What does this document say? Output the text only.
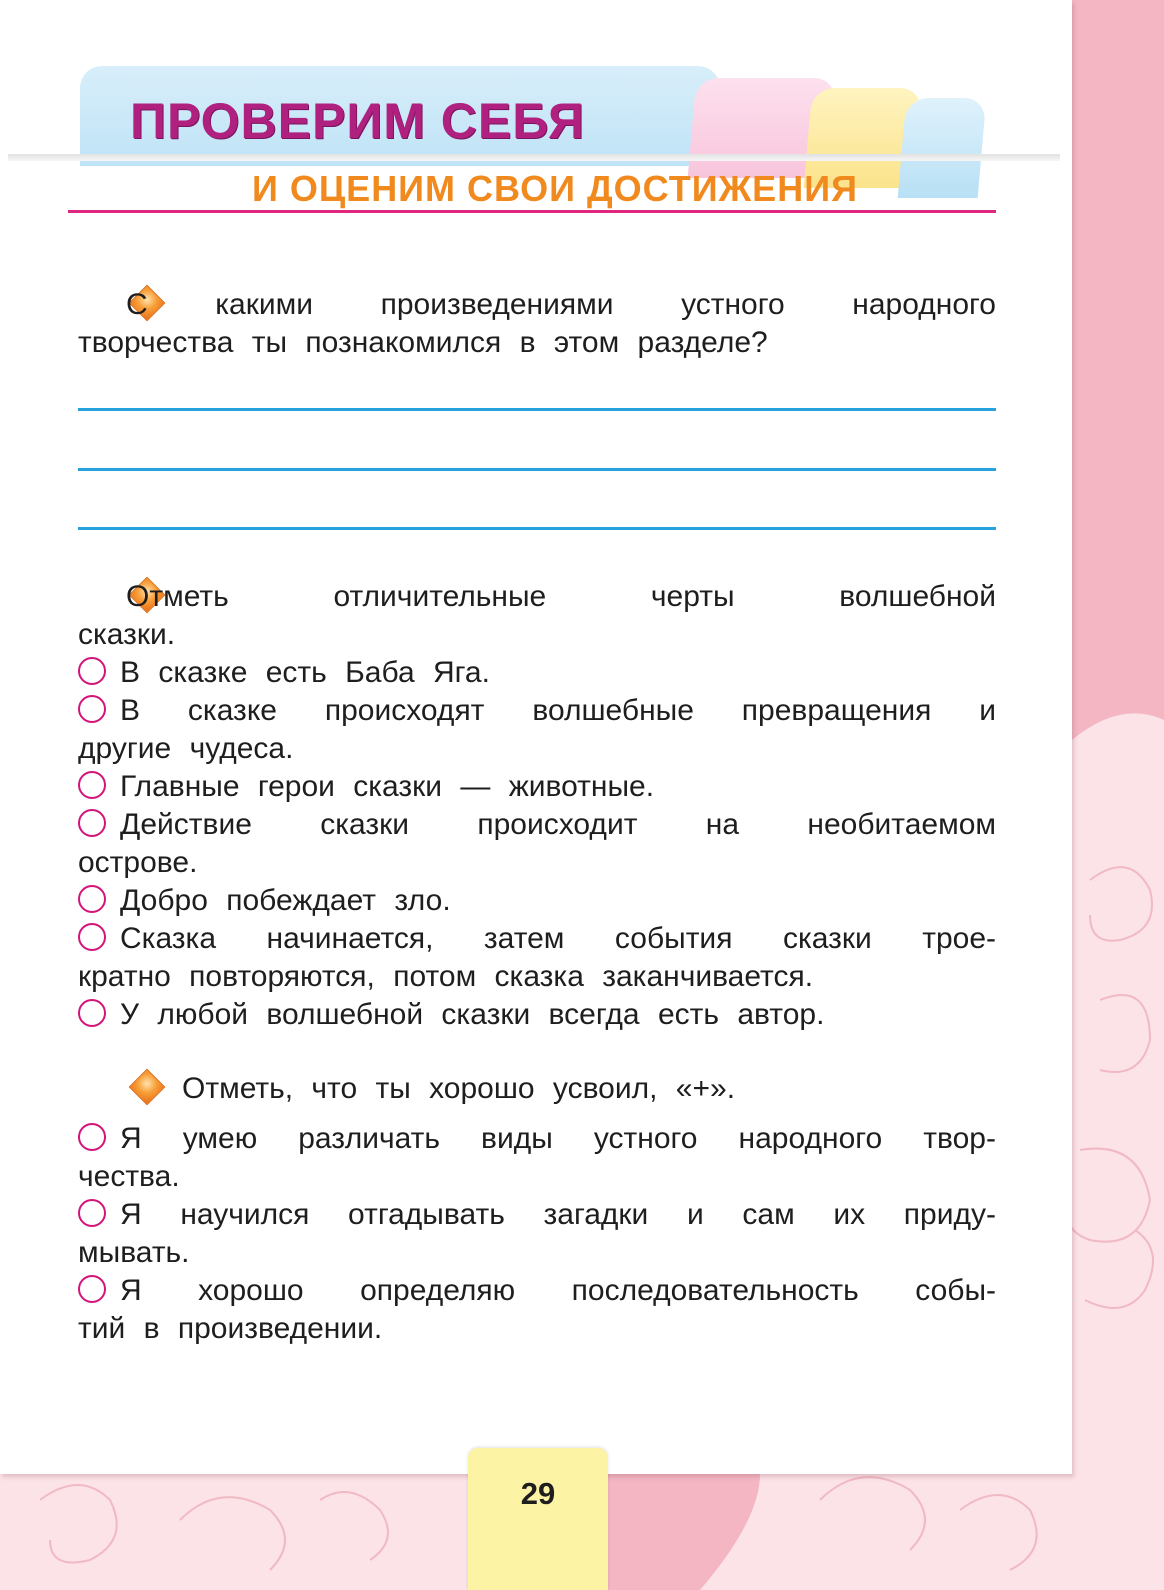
ПРОВЕРИМ СЕБЯ
И ОЦЕНИМ СВОИ ДОСТИЖЕНИЯ
С какими произведениями устного народного
творчества ты познакомился в этом разделе?
Отметь отличительные черты волшебной
сказки.
В сказке есть Баба Яга.
В сказке происходят волшебные превращения и
другие чудеса.
Главные герои сказки — животные.
Действие сказки происходит на необитаемом
острове.
Добро побеждает зло.
Сказка начинается, затем события сказки трое-
кратно повторяются, потом сказка заканчивается.
У любой волшебной сказки всегда есть автор.
Отметь, что ты хорошо усвоил, «+».
Я умею различать виды устного народного твор-
чества.
Я научился отгадывать загадки и сам их приду-
мывать.
Я хорошо определяю последовательность собы-
тий в произведении.
29
